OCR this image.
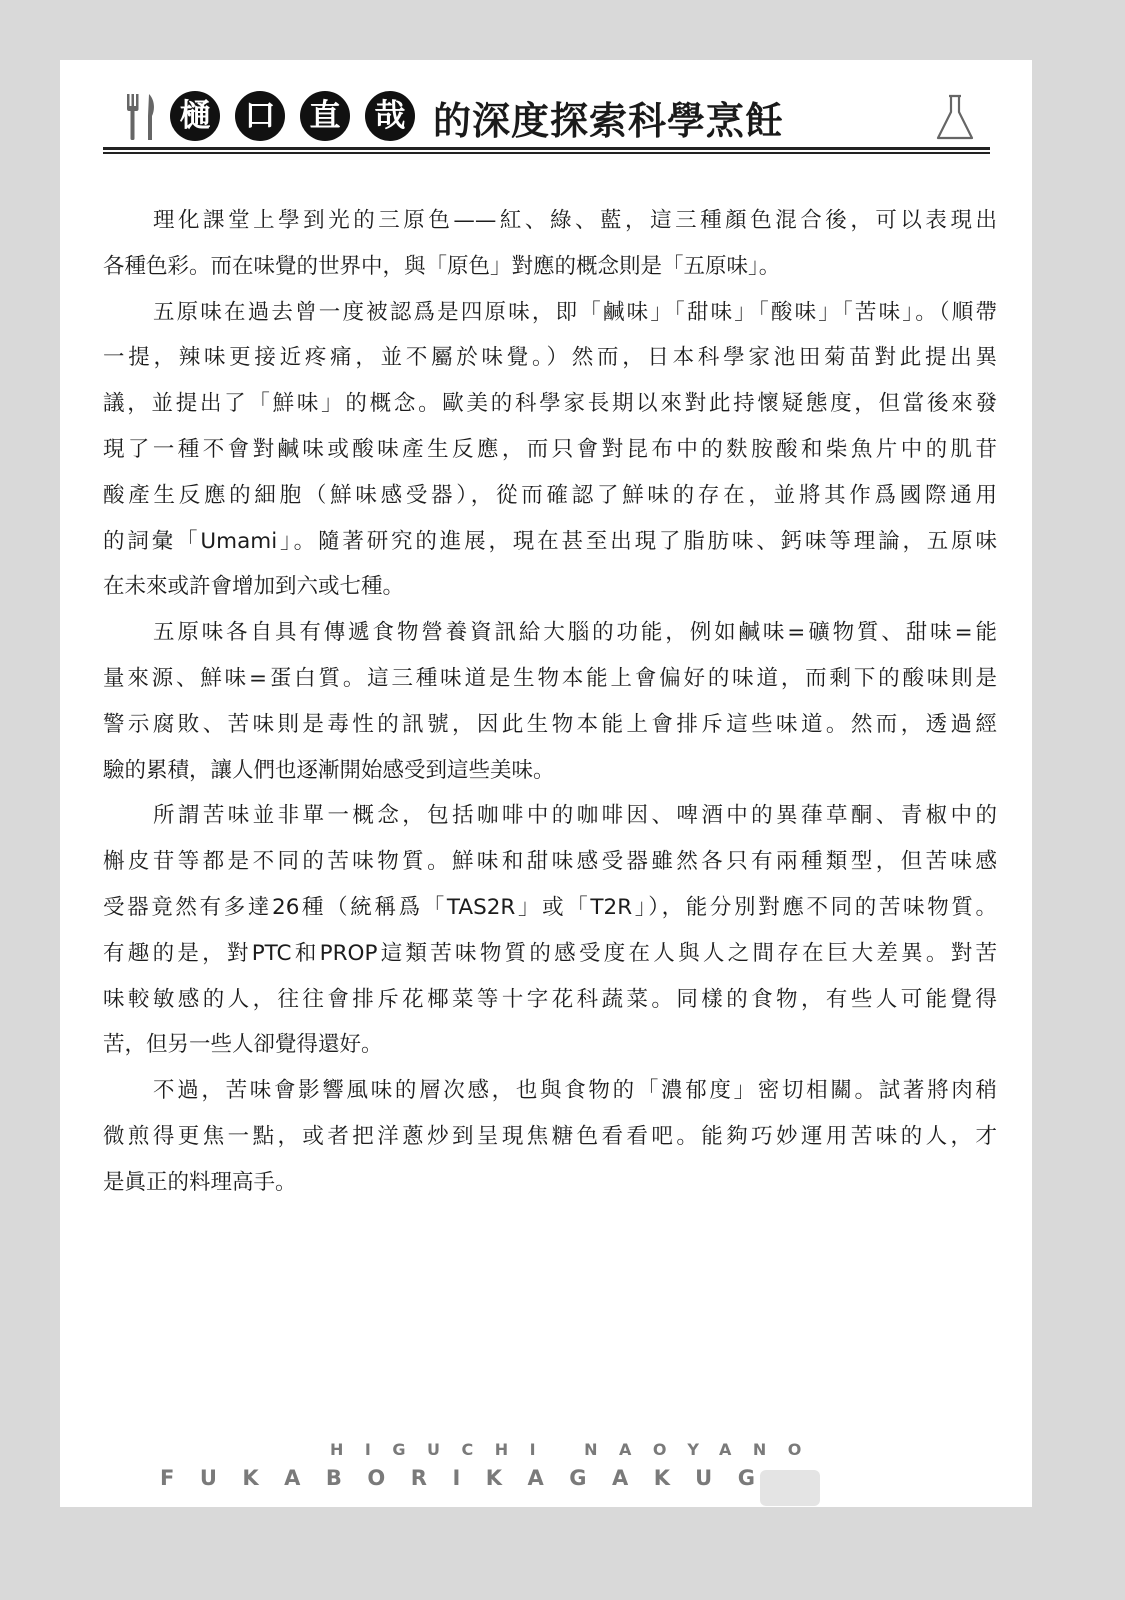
樋	口	直	哉 的深度探索科學烹飪
理化課堂上學到光的三原色——紅、綠、藍，這三種顏色混合後，可以表現出
各種色彩。而在味覺的世界中，與「原色」對應的概念則是「五原味」。
五原味在過去曾一度被認爲是四原味，即「鹹味」「甜味」「酸味」「苦味」。（順帶
一提，辣味更接近疼痛，並不屬於味覺。）然而，日本科學家池田菊苗對此提出異
議，並提出了「鮮味」的概念。歐美的科學家長期以來對此持懷疑態度，但當後來發
現了一種不會對鹹味或酸味產生反應，而只會對昆布中的麩胺酸和柴魚片中的肌苷
酸產生反應的細胞（鮮味感受器），從而確認了鮮味的存在，並將其作爲國際通用
的詞彙「Umami」。隨著研究的進展，現在甚至出現了脂肪味、鈣味等理論，五原味
在未來或許會增加到六或七種。
五原味各自具有傳遞食物營養資訊給大腦的功能，例如鹹味=礦物質、甜味=能
量來源、鮮味=蛋白質。這三種味道是生物本能上會偏好的味道，而剩下的酸味則是
警示腐敗、苦味則是毒性的訊號，因此生物本能上會排斥這些味道。然而，透過經
驗的累積，讓人們也逐漸開始感受到這些美味。
所謂苦味並非單一概念，包括咖啡中的咖啡因、啤酒中的異葎草酮、青椒中的
槲皮苷等都是不同的苦味物質。鮮味和甜味感受器雖然各只有兩種類型，但苦味感
受器竟然有多達26種（統稱爲「TAS2R」或「T2R」），能分別對應不同的苦味物質。
有趣的是，對PTC和PROP這類苦味物質的感受度在人與人之間存在巨大差異。對苦
味較敏感的人，往往會排斥花椰菜等十字花科蔬菜。同樣的食物，有些人可能覺得
苦，但另一些人卻覺得還好。
不過，苦味會影響風味的層次感，也與食物的「濃郁度」密切相關。試著將肉稍
微煎得更焦一點，或者把洋蔥炒到呈現焦糖色看看吧。能夠巧妙運用苦味的人，才
是眞正的料理高手。
HIGUCHI NAOYANO
FUKABORIKAGAKUG
